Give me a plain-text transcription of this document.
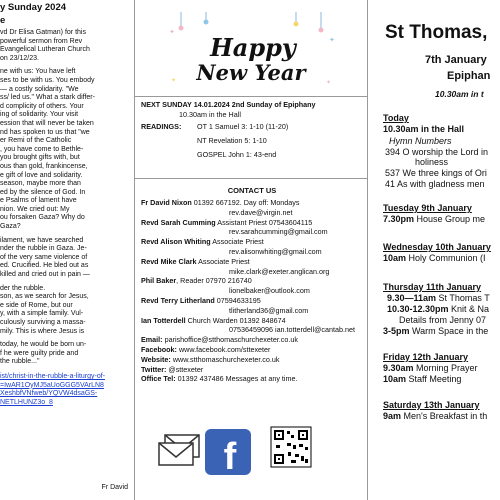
y Sunday 2024
e

vd Dr Elisa Gatman) for this

powerful sermon from Rev

Evangelical Lutheran Church

on 23/12/23.

ne with us: You have left

ses to be with us. You embody

— a costly solidarity. "We

ss/ led us." What a stark differ-

d complicity of others. Your

ing of solidarity. Your visit

ession that will never be taken

nd has spoken to us that "we

er Remi of the Catholic

, you have come to Bethle-

you brought gifts with, but

ous than gold, frankincense,

e gift of love and solidarity.

season, maybe more than

ed by the silence of God. In

e Psalms of lament have

nion. We cried out: My

ou forsaken Gaza? Why do

Gaza?

ilament, we have searched

nder the rubble in Gaza. Je-

of the very same violence of

ed. Crucified. He bled out as

killed and cried out in pain —

der the rubble.

son, as we search for Jesus,

e side of Rome, but our

y, with a simple family. Vul-

culously surviving a massa-

mily. This is where Jesus is

today, he would be born un-

f he were guilty pride and

the rubble..."

ist/christ-in-the-rubble-a-liturgy-of-

=IwAR1OyMJ5aUoGGG5VArLN8

XeshbfVNfweb/YQVW4dsaGS-

NETLHUNZ3o_8

Fr David
✦
✦
✦	✦
Happy
New Year
NEXT SUNDAY 14.01.2024 2nd Sunday of Epiphany
10.30am in the Hall
READINGS: OT 1 Samuel 3: 1-10 (11-20)
NT Revelation 5: 1-10
GOSPEL John 1: 43-end
CONTACT US
Fr David Nixon 01392 667192. Day off: Mondays
rev.dave@virgin.net
Revd Sarah Cumming Assistant Priest 07543604115
rev.sarahcumming@gmail.com
Revd Alison Whiting Associate Priest
rev.alisonwhiting@gmail.com
Revd Mike Clark Associate Priest
mike.clark@exeter.anglican.org
Phil Baker, Reader 07970 216740
lionelbaker@outlook.com
Revd Terry Litherland 07594633195
tlitherland36@gmail.com
Ian Totterdell Church Warden 01392 848674
07536459096 ian.totterdell@cantab.net
Email: parishoffice@stthomaschurchexeter.co.uk
Facebook: www.facebook.com/sttexeter
Website: www.stthomaschurchexeter.co.uk
Twitter: @sttexeter
Office Tel: 01392 437486 Messages at any time.
f
St Thomas,
7th January
Epiphan
10.30am in t
Today
10.30am in the Hall
Hymn Numbers
394 O worship the Lord in
holiness
537 We three kings of Ori
41 As with gladness men
Tuesday 9th January
7.30pm House Group me
Wednesday 10th January
10am Holy Communion (I
Thursday 11th January
9.30—11am St Thomas T
10.30-12.30pm Knit & Na
Details from Jenny 07
3-5pm Warm Space in the
Friday 12th January
9.30am Morning Prayer
10am Staff Meeting
Saturday 13th January
9am Men's Breakfast in th
